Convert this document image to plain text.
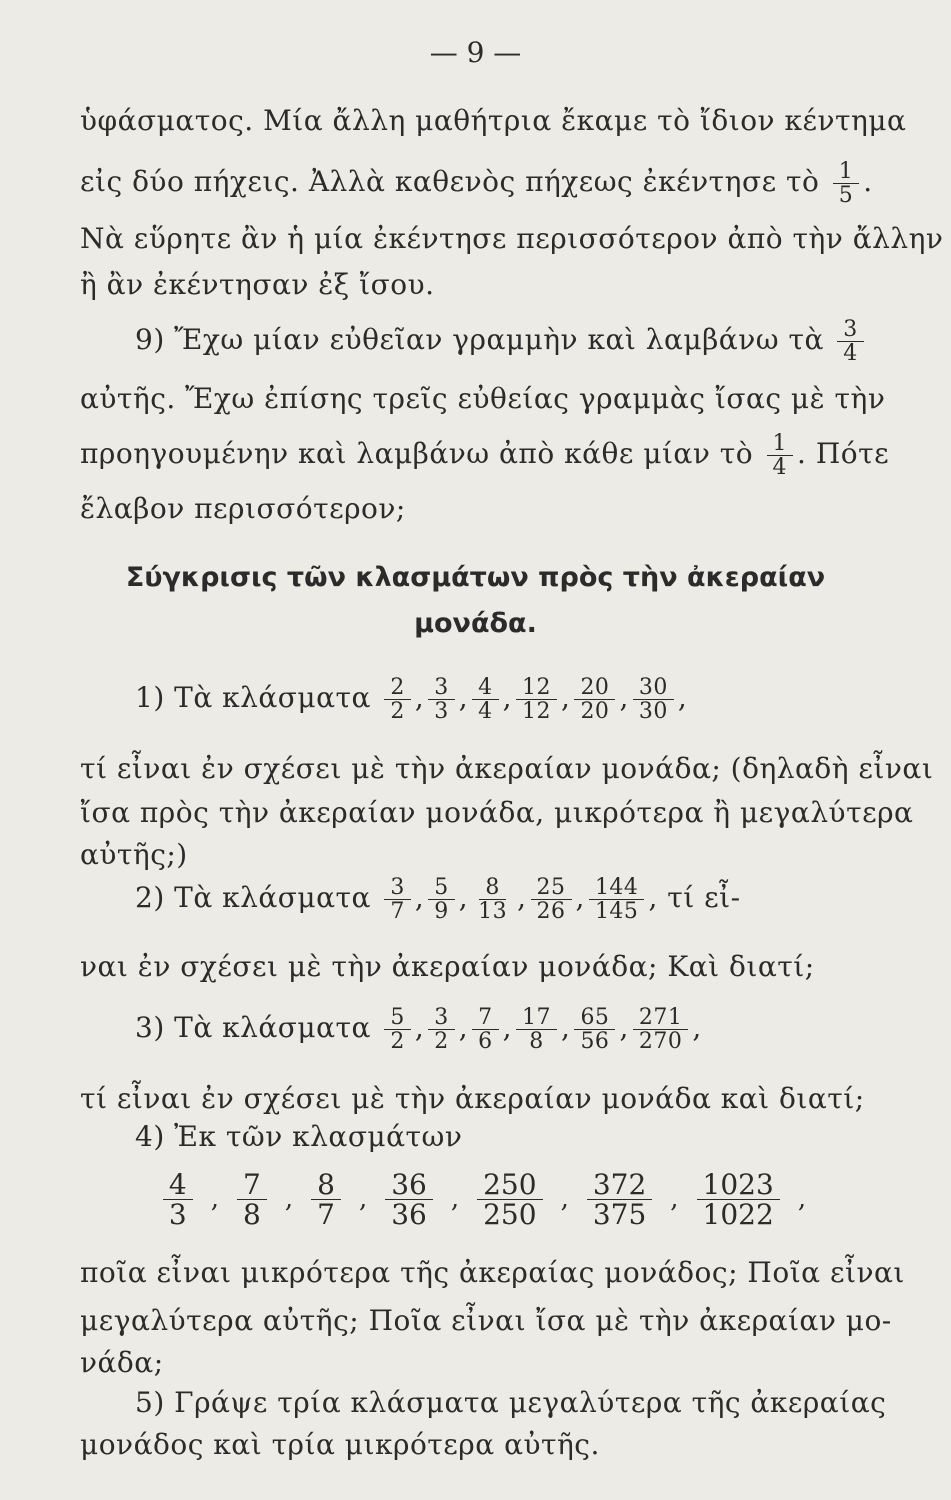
— 9 —
ὑφάσματος. Μία ἄλλη μαθήτρια ἔκαμε τὸ ἴδιον κέντημα
εἰς δύο πήχεις. Ἀλλὰ καθενὸς πήχεως ἐκέντησε τὸ $\frac{1}{5}$ .
Νὰ εὕρητε ἂν ἡ μία ἐκέντησε περισσότερον ἀπὸ τὴν ἄλλην
ἢ ἂν ἐκέντησαν ἐξ ἴσου.
9) Ἔχω μίαν εὐθεῖαν γραμμὴν καὶ λαμβάνω τὰ $\frac{3}{4}$
αὐτῆς. Ἔχω ἐπίσης τρεῖς εὐθείας γραμμὰς ἴσας μὲ τὴν
προηγουμένην καὶ λαμβάνω ἀπὸ κάθε μίαν τὸ $\frac{1}{4}$ . Πότε
ἔλαβον περισσότερον;
Σύγκρισις τῶν κλασμάτων πρὸς τὴν ἀκεραίαν
μονάδα.
1) Τὰ κλάσματα $\frac{2}{2}$ , $\frac{3}{3}$ , $\frac{4}{4}$ , $\frac{12}{12}$ , $\frac{20}{20}$ , $\frac{30}{30}$ ,
τί εἶναι ἐν σχέσει μὲ τὴν ἀκεραίαν μονάδα; (δηλαδὴ εἶναι
ἴσα πρὸς τὴν ἀκεραίαν μονάδα, μικρότερα ἢ μεγαλύτερα
αὐτῆς;)
2) Τὰ κλάσματα $\frac{3}{7}$ , $\frac{5}{9}$ , $\frac{8}{13}$ , $\frac{25}{26}$ , $\frac{144}{145}$ , τί εἶ-
ναι ἐν σχέσει μὲ τὴν ἀκεραίαν μονάδα; Καὶ διατί;
3) Τὰ κλάσματα $\frac{5}{2}$ , $\frac{3}{2}$ , $\frac{7}{6}$ , $\frac{17}{8}$ , $\frac{65}{56}$ , $\frac{271}{270}$ ,
τί εἶναι ἐν σχέσει μὲ τὴν ἀκεραίαν μονάδα καὶ διατί;
4) Ἐκ τῶν κλασμάτων
$\frac{4}{3}$ , $\frac{7}{8}$ , $\frac{8}{7}$ , $\frac{36}{36}$ , $\frac{250}{250}$ , $\frac{372}{375}$ , $\frac{1023}{1022}$ ,
ποῖα εἶναι μικρότερα τῆς ἀκεραίας μονάδος; Ποῖα εἶναι
μεγαλύτερα αὐτῆς; Ποῖα εἶναι ἴσα μὲ τὴν ἀκεραίαν μο-
νάδα;
5) Γράψε τρία κλάσματα μεγαλύτερα τῆς ἀκεραίας
μονάδος καὶ τρία μικρότερα αὐτῆς.
